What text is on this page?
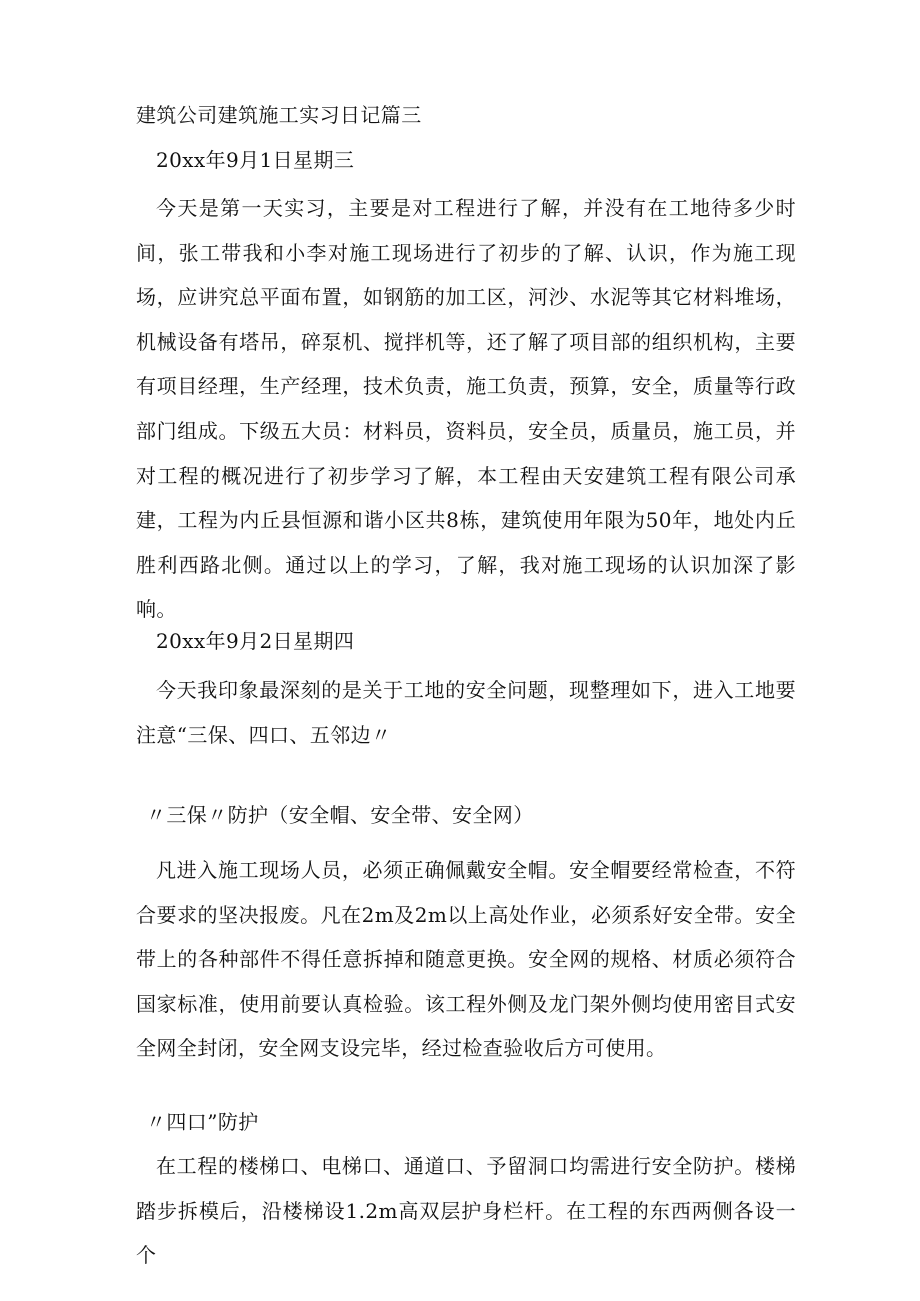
建筑公司建筑施工实习日记篇三

20xx年9月1日星期三

今天是第一天实习，主要是对工程进行了解，并没有在工地待多少时间，张工带我和小李对施工现场进行了初步的了解、认识，作为施工现场，应讲究总平面布置，如钢筋的加工区，河沙、水泥等其它材料堆场，机械设备有塔吊，碎泵机、搅拌机等，还了解了项目部的组织机构，主要有项目经理，生产经理，技术负责，施工负责，预算，安全，质量等行政部门组成。下级五大员：材料员，资料员，安全员，质量员，施工员，并对工程的概况进行了初步学习了解，本工程由天安建筑工程有限公司承建，工程为内丘县恒源和谐小区共8栋，建筑使用年限为50年，地处内丘胜利西路北侧。通过以上的学习，了解，我对施工现场的认识加深了影响。

20xx年9月2日星期四

今天我印象最深刻的是关于工地的安全问题，现整理如下，进入工地要注意“三保、四口、五邻边〃

〃三保〃防护（安全帽、安全带、安全网）

凡进入施工现场人员，必须正确佩戴安全帽。安全帽要经常检查，不符合要求的坚决报废。凡在2m及2m以上高处作业，必须系好安全带。安全带上的各种部件不得任意拆掉和随意更换。安全网的规格、材质必须符合国家标准，使用前要认真检验。该工程外侧及龙门架外侧均使用密目式安全网全封闭，安全网支设完毕，经过检查验收后方可使用。

〃四口”防护

在工程的楼梯口、电梯口、通道口、予留洞口均需进行安全防护。楼梯踏步拆模后，沿楼梯设1.2m高双层护身栏杆。在工程的东西两侧各设一个
